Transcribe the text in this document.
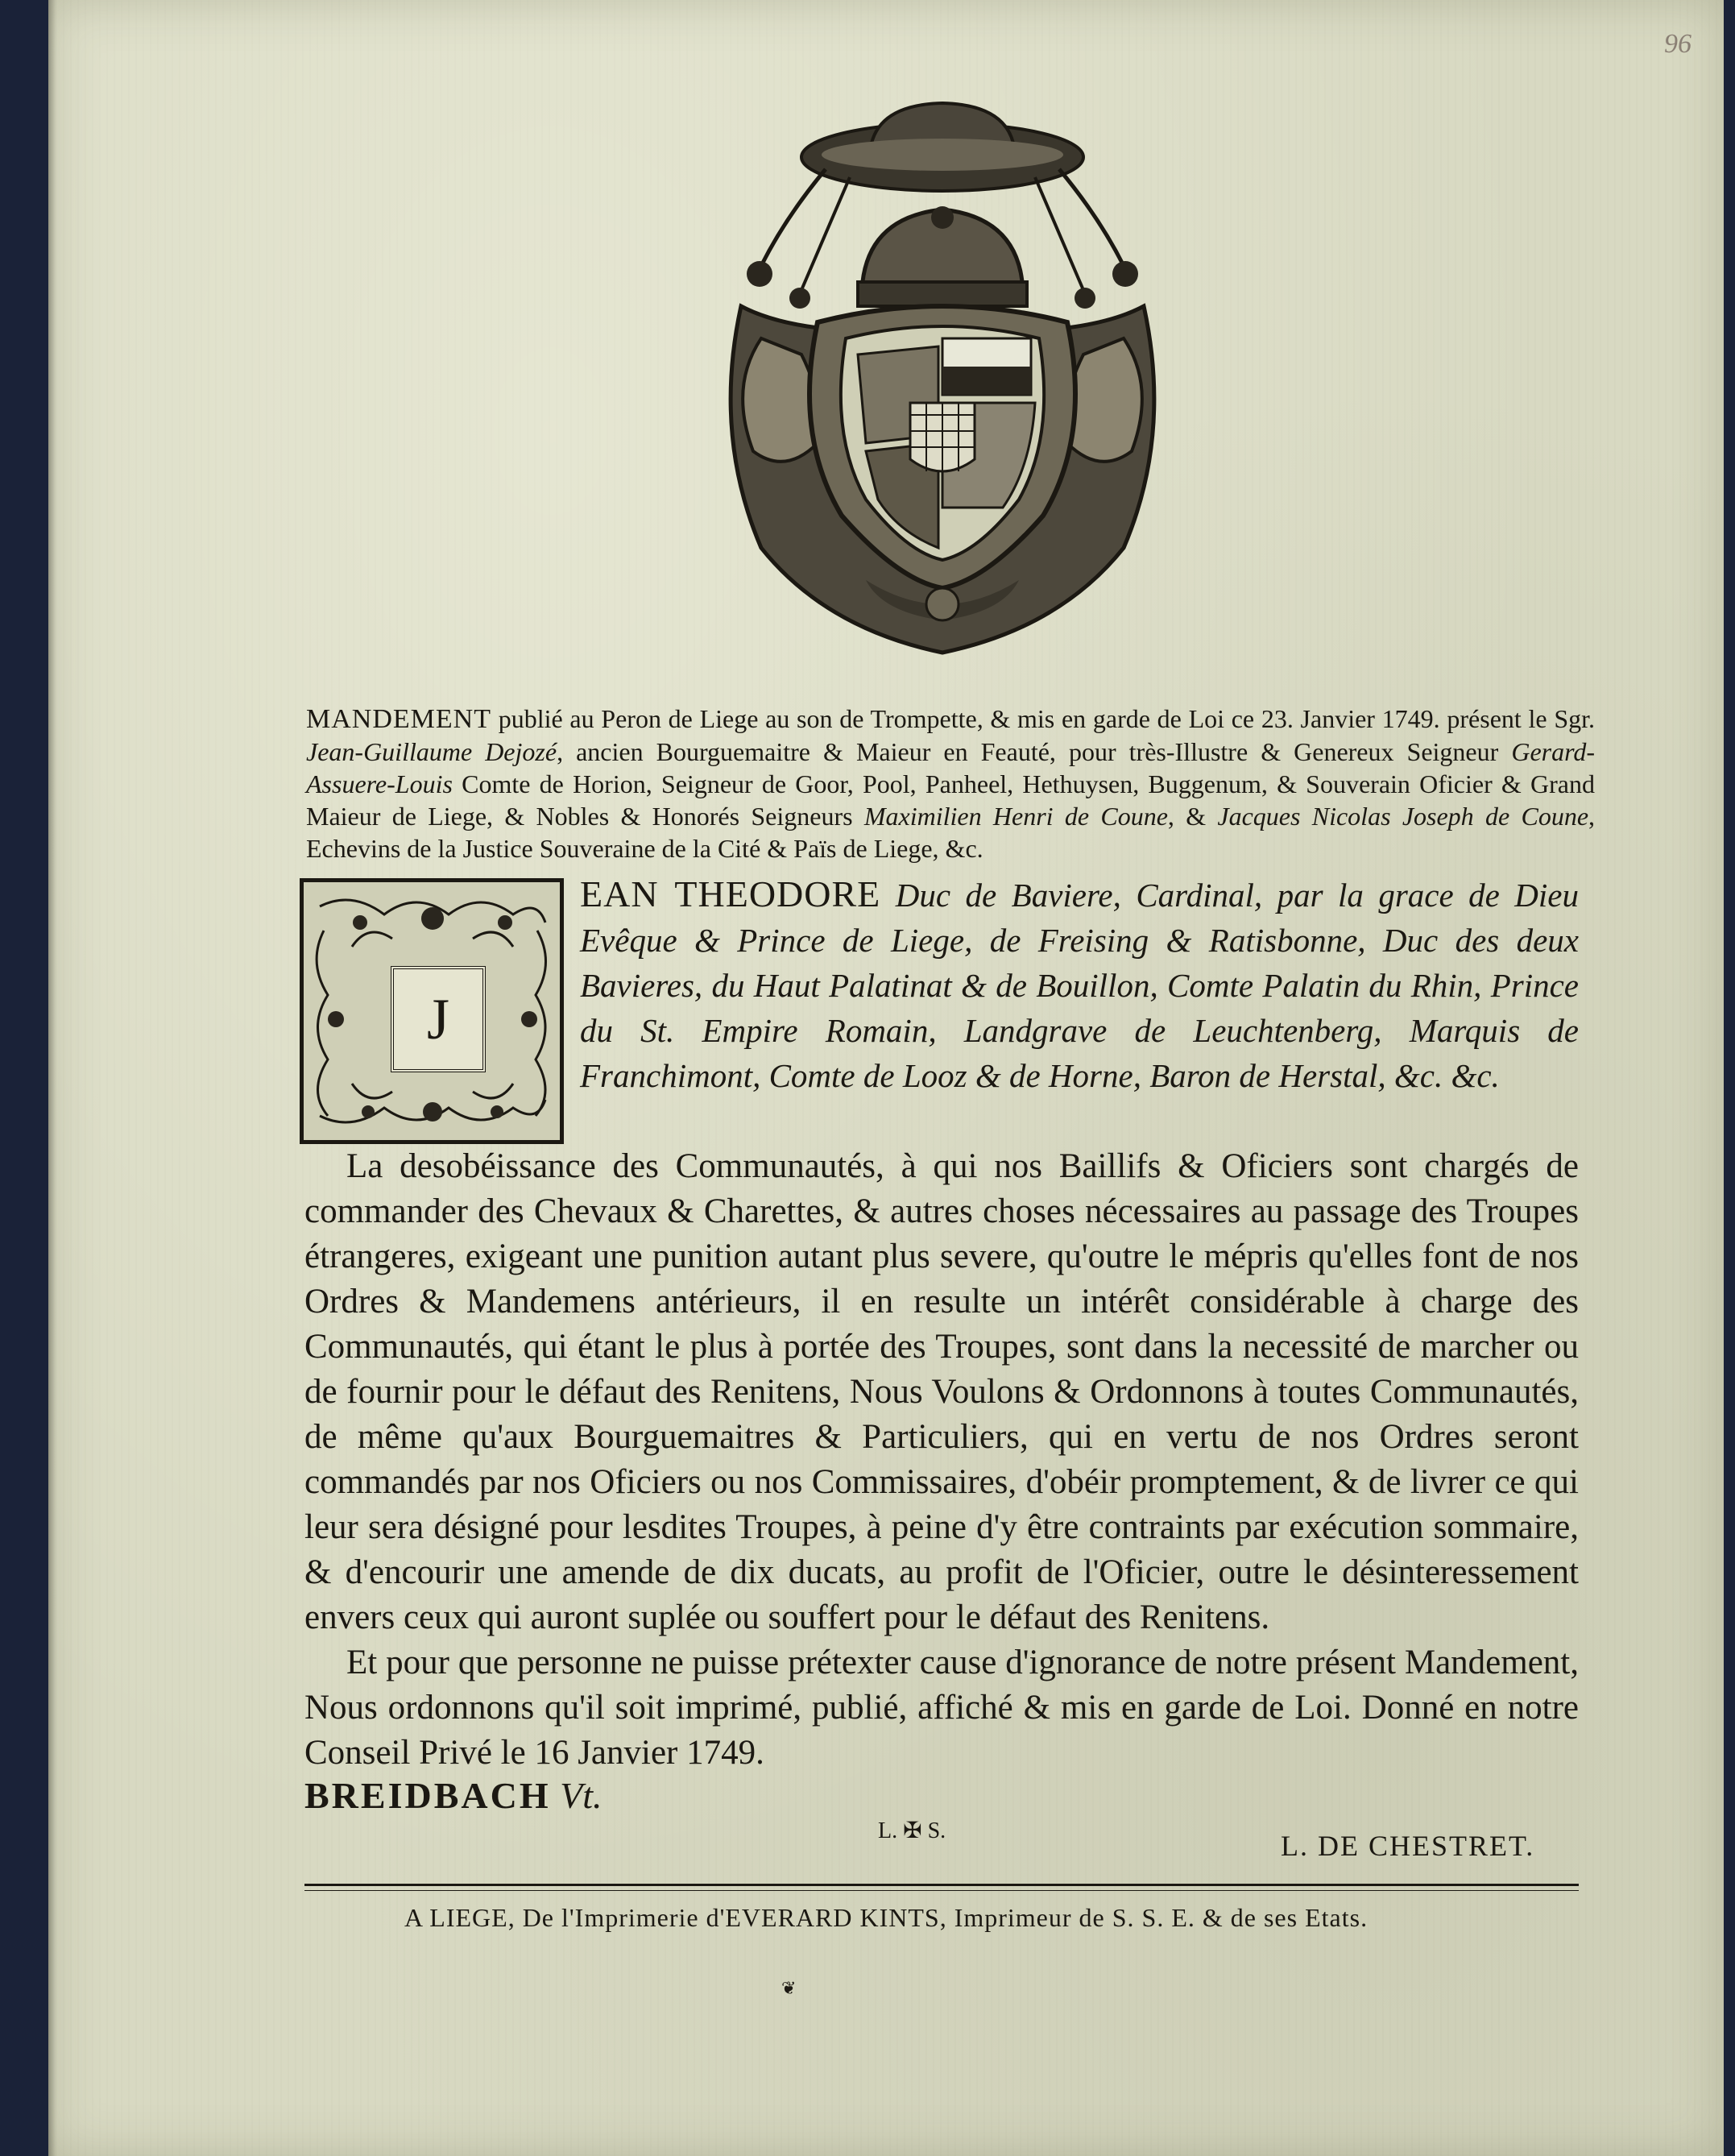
96
MANDEMENT publié au Peron de Liege au son de Trompette, & mis en garde de Loi ce 23. Janvier 1749. présent le Sgr. Jean-Guillaume Dejozé, ancien Bourguemaitre & Maieur en Feauté, pour très-Illustre & Genereux Seigneur Gerard- Assuere-Louis Comte de Horion, Seigneur de Goor, Pool, Panheel, Hethuysen, Buggenum, & Souverain Oficier & Grand Maieur de Liege, & Nobles & Honorés Seigneurs Maximilien Henri de Coune, & Jacques Nicolas Joseph de Coune, Echevins de la Justice Souveraine de la Cité & Païs de Liege, &c.
J
EAN THEODORE Duc de Baviere, Cardinal, par la grace de Dieu Evêque & Prince de Liege, de Freising & Ratisbonne, Duc des deux Bavieres, du Haut Palatinat & de Bouillon, Comte Palatin du Rhin, Prince du St. Empire Romain, Landgrave de Leuchtenberg, Marquis de Franchimont, Comte de Looz & de Horne, Baron de Herstal, &c. &c.

La desobéissance des Communautés, à qui nos Baillifs & Oficiers sont chargés de commander des Chevaux & Charettes, & autres choses nécessaires au passage des Troupes étrangeres, exigeant une punition autant plus severe, qu'outre le mépris qu'elles font de nos Ordres & Mandemens antérieurs, il en resulte un intérêt considérable à charge des Communautés, qui étant le plus à portée des Troupes, sont dans la necessité de marcher ou de fournir pour le défaut des Renitens, Nous Voulons & Ordonnons à toutes Communautés, de même qu'aux Bourguemaitres & Particuliers, qui en vertu de nos Ordres seront commandés par nos Oficiers ou nos Commissaires, d'obéir promptement, & de livrer ce qui leur sera désigné pour lesdites Troupes, à peine d'y être contraints par exécution sommaire, & d'encourir une amende de dix ducats, au profit de l'Oficier, outre le désinteressement envers ceux qui auront suplée ou souffert pour le défaut des Renitens.

Et pour que personne ne puisse prétexter cause d'ignorance de notre présent Mandement, Nous ordonnons qu'il soit imprimé, publié, affiché & mis en garde de Loi. Donné en notre Conseil Privé le 16 Janvier 1749.

BREIDBACH Vt.
L. ✠ S.	L. DE CHESTRET.
A LIEGE, De l'Imprimerie d'EVERARD KINTS, Imprimeur de S. S. E. & de ses Etats.
❦
